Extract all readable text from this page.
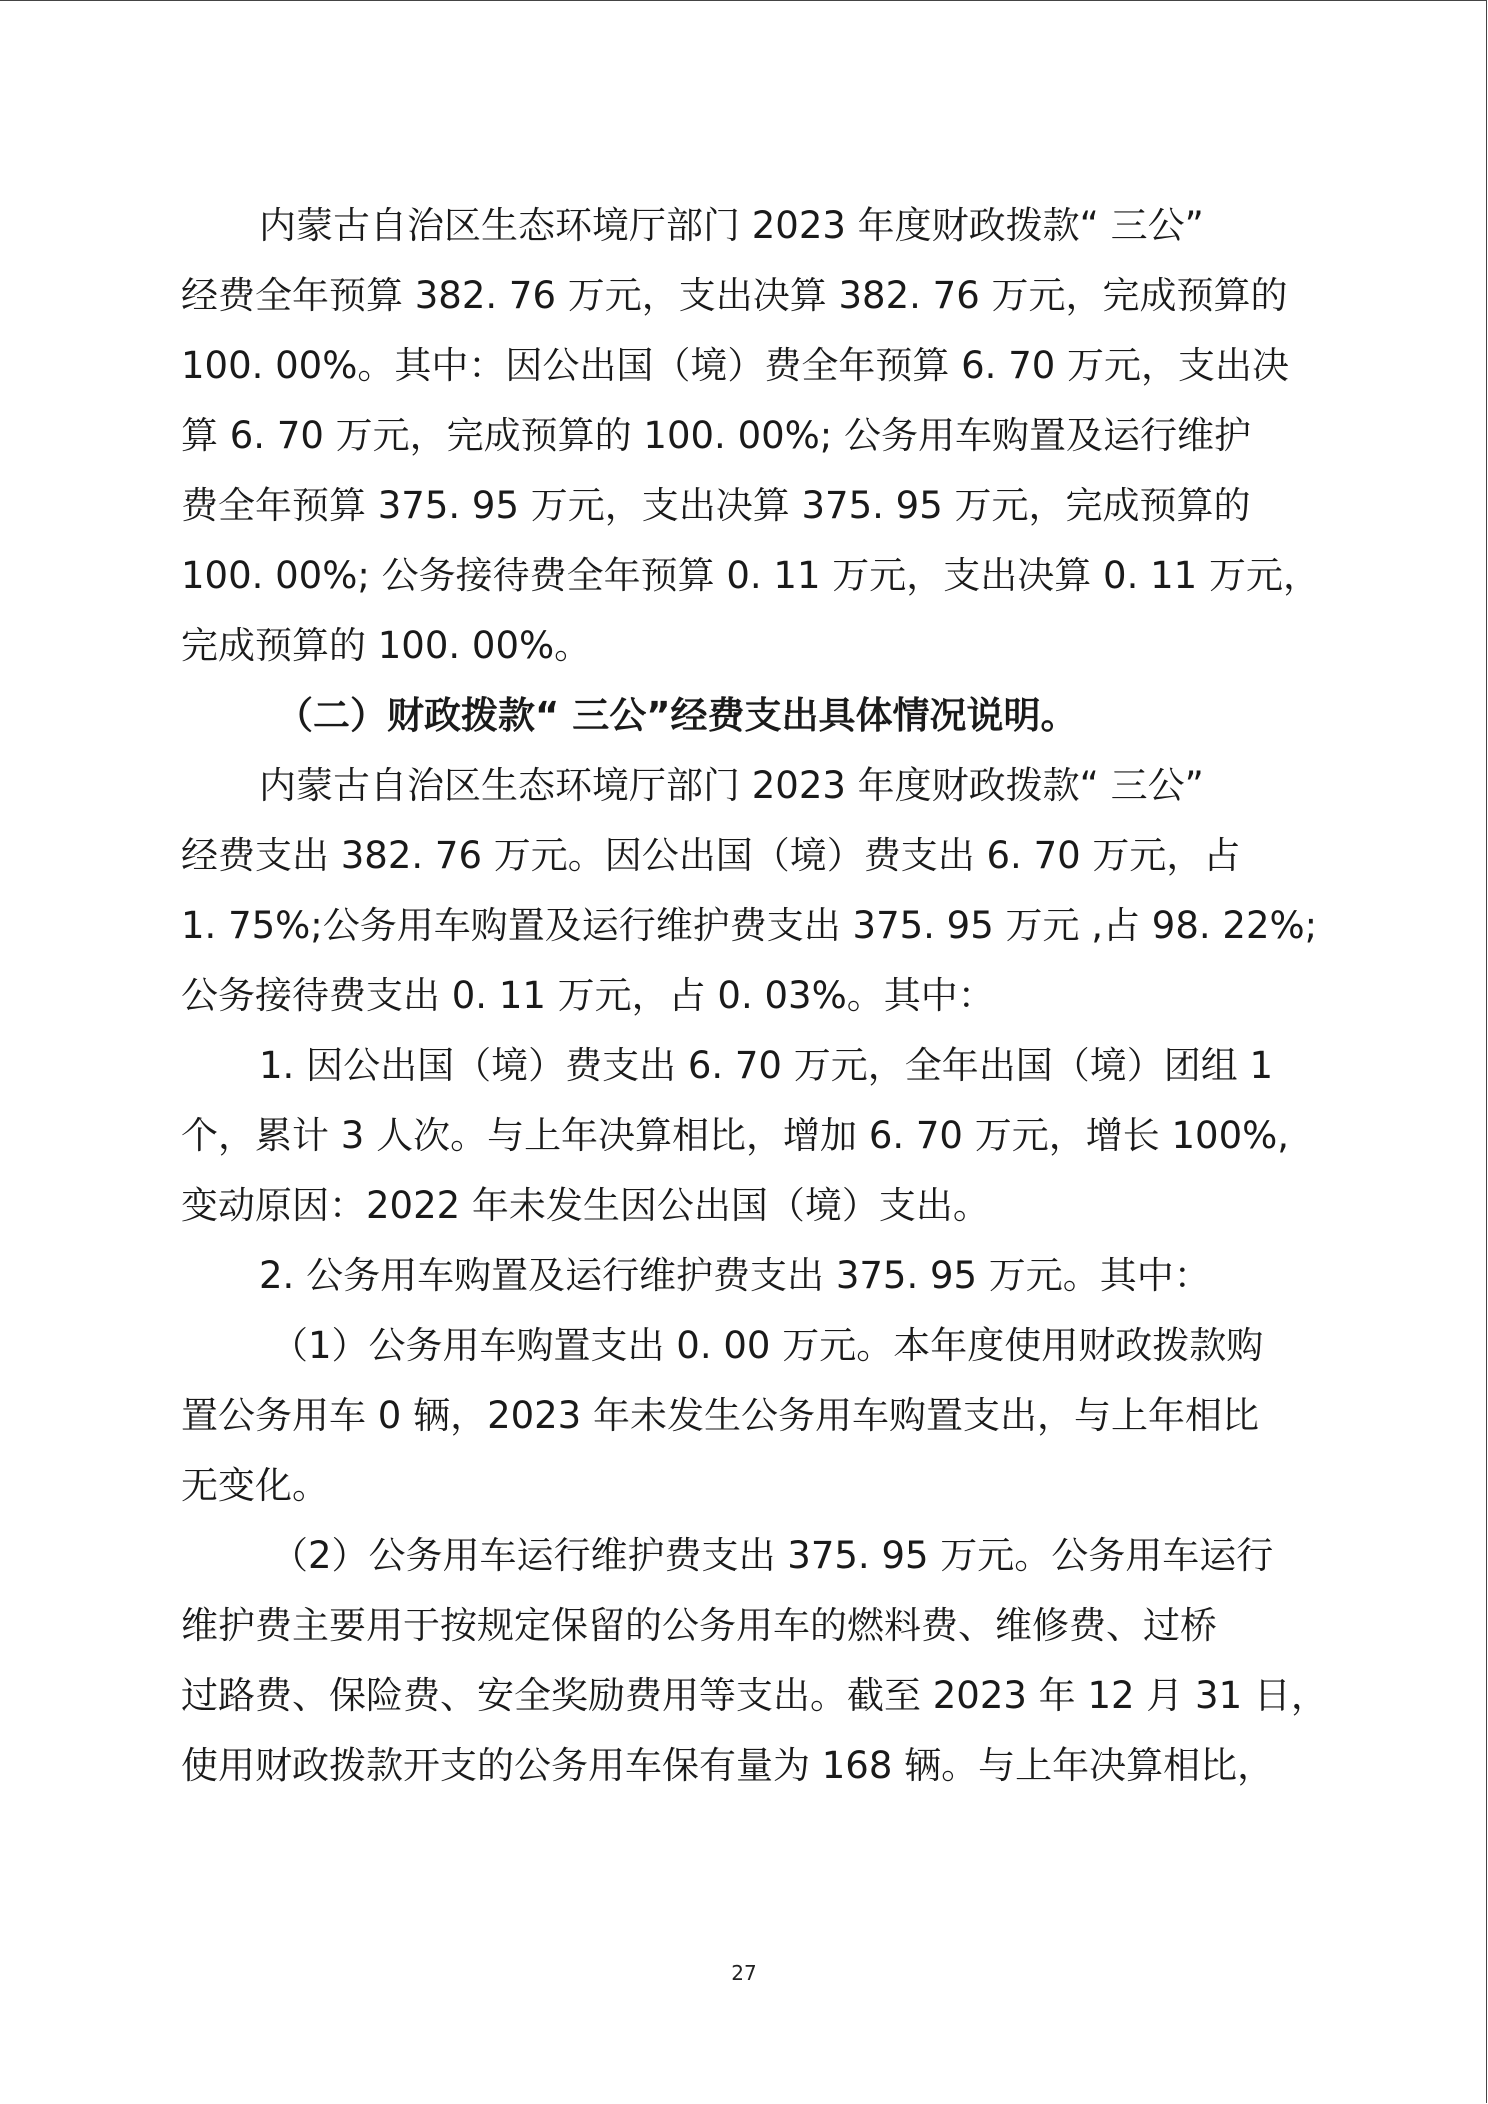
内蒙古自治区生态环境厅部门 2023 年度财政拨款“ 三公”
经费全年预算 382. 76 万元，支出决算 382. 76 万元，完成预算的
100. 00%。其中：因公出国（境）费全年预算 6. 70 万元，支出决
算 6. 70 万元，完成预算的 100. 00%; 公务用车购置及运行维护
费全年预算 375. 95 万元，支出决算 375. 95 万元，完成预算的
100. 00%; 公务接待费全年预算 0. 11 万元，支出决算 0. 11 万元，
完成预算的 100. 00%。
（二）财政拨款“ 三公”经费支出具体情况说明。
内蒙古自治区生态环境厅部门 2023 年度财政拨款“ 三公”
经费支出 382. 76 万元。因公出国（境）费支出 6. 70 万元，占
1. 75%;公务用车购置及运行维护费支出 375. 95 万元 ,占 98. 22%;
公务接待费支出 0. 11 万元，占 0. 03%。其中：
1. 因公出国（境）费支出 6. 70 万元，全年出国（境）团组 1
个，累计 3 人次。与上年决算相比，增加 6. 70 万元，增长 100%,
变动原因：2022 年未发生因公出国（境）支出。
2. 公务用车购置及运行维护费支出 375. 95 万元。其中：
（1）公务用车购置支出 0. 00 万元。本年度使用财政拨款购
置公务用车 0 辆，2023 年未发生公务用车购置支出，与上年相比
无变化。
（2）公务用车运行维护费支出 375. 95 万元。公务用车运行
维护费主要用于按规定保留的公务用车的燃料费、维修费、过桥
过路费、保险费、安全奖励费用等支出。截至 2023 年 12 月 31 日，
使用财政拨款开支的公务用车保有量为 168 辆。与上年决算相比，
27
